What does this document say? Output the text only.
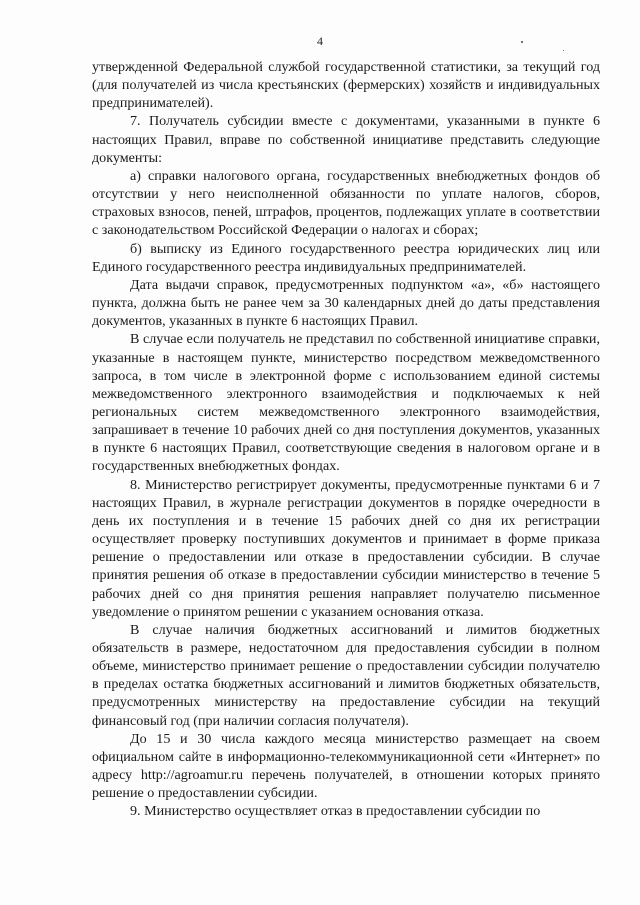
4

утвержденной Федеральной службой государственной статистики, за текущий год (для получателей из числа крестьянских (фермерских) хозяйств и индивидуальных предпринимателей).

7. Получатель субсидии вместе с документами, указанными в пункте 6 настоящих Правил, вправе по собственной инициативе представить следующие документы:

а) справки налогового органа, государственных внебюджетных фондов об отсутствии у него неисполненной обязанности по уплате налогов, сборов, страховых взносов, пеней, штрафов, процентов, подлежащих уплате в соответствии с законодательством Российской Федерации о налогах и сборах;

б) выписку из Единого государственного реестра юридических лиц или Единого государственного реестра индивидуальных предпринимателей.

Дата выдачи справок, предусмотренных подпунктом «а», «б» настоящего пункта, должна быть не ранее чем за 30 календарных дней до даты представления документов, указанных в пункте 6 настоящих Правил.

В случае если получатель не представил по собственной инициативе справки, указанные в настоящем пункте, министерство посредством межведомственного запроса, в том числе в электронной форме с использованием единой системы межведомственного электронного взаимодействия и подключаемых к ней региональных систем межведомственного электронного взаимодействия, запрашивает в течение 10 рабочих дней со дня поступления документов, указанных в пункте 6 настоящих Правил, соответствующие сведения в налоговом органе и в государственных внебюджетных фондах.

8. Министерство регистрирует документы, предусмотренные пунктами 6 и 7 настоящих Правил, в журнале регистрации документов в порядке очередности в день их поступления и в течение 15 рабочих дней со дня их регистрации осуществляет проверку поступивших документов и принимает в форме приказа решение о предоставлении или отказе в предоставлении субсидии. В случае принятия решения об отказе в предоставлении субсидии министерство в течение 5 рабочих дней со дня принятия решения направляет получателю письменное уведомление о принятом решении с указанием основания отказа.

В случае наличия бюджетных ассигнований и лимитов бюджетных обязательств в размере, недостаточном для предоставления субсидии в полном объеме, министерство принимает решение о предоставлении субсидии получателю в пределах остатка бюджетных ассигнований и лимитов бюджетных обязательств, предусмотренных министерству на предоставление субсидии на текущий финансовый год (при наличии согласия получателя).

До 15 и 30 числа каждого месяца министерство размещает на своем официальном сайте в информационно-телекоммуникационной сети «Интернет» по адресу http://agroamur.ru перечень получателей, в отношении которых принято решение о предоставлении субсидии.

9. Министерство осуществляет отказ в предоставлении субсидии по
